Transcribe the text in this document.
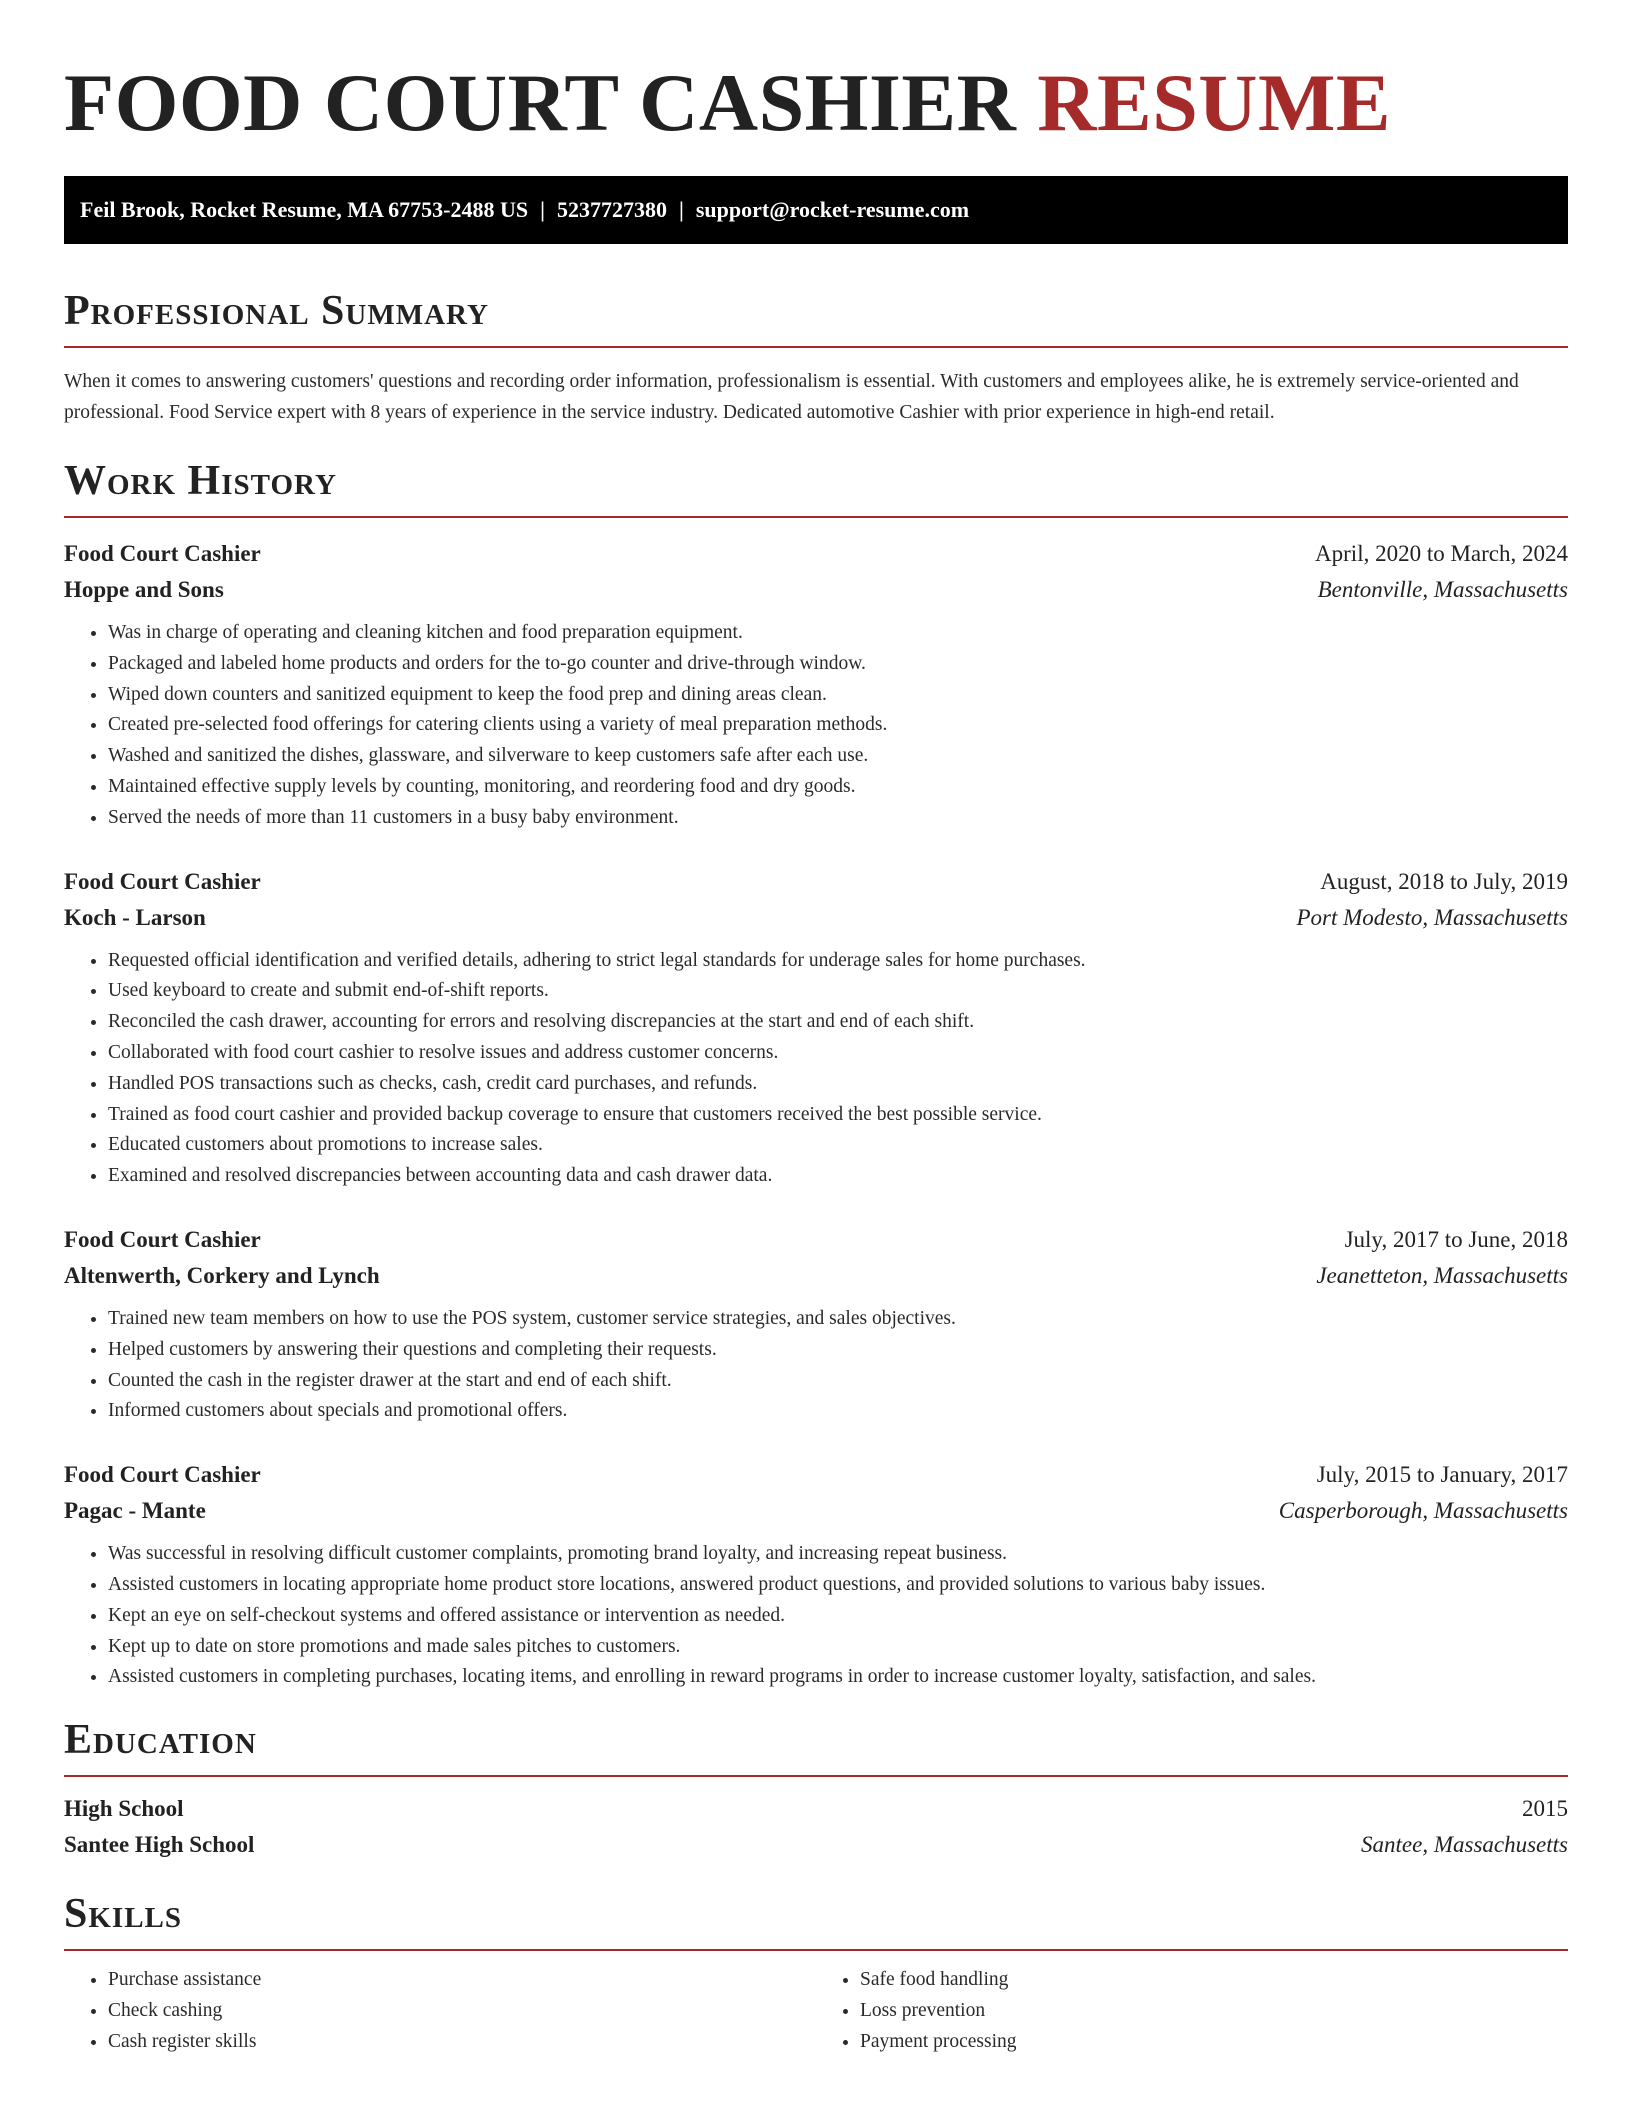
FOOD COURT CASHIER RESUME
Feil Brook, Rocket Resume, MA 67753-2488 US | 5237727380 | support@rocket-resume.com
Professional Summary

When it comes to answering customers' questions and recording order information, professionalism is essential. With customers and employees alike, he is extremely service-oriented and professional. Food Service expert with 8 years of experience in the service industry. Dedicated automotive Cashier with prior experience in high-end retail.

Work History
Food Court Cashier	April, 2020 to March, 2024
Hoppe and Sons	Bentonville, Massachusetts
• Was in charge of operating and cleaning kitchen and food preparation equipment.
• Packaged and labeled home products and orders for the to-go counter and drive-through window.
• Wiped down counters and sanitized equipment to keep the food prep and dining areas clean.
• Created pre-selected food offerings for catering clients using a variety of meal preparation methods.
• Washed and sanitized the dishes, glassware, and silverware to keep customers safe after each use.
• Maintained effective supply levels by counting, monitoring, and reordering food and dry goods.
• Served the needs of more than 11 customers in a busy baby environment.
Food Court Cashier	August, 2018 to July, 2019
Koch - Larson	Port Modesto, Massachusetts
• Requested official identification and verified details, adhering to strict legal standards for underage sales for home purchases.
• Used keyboard to create and submit end-of-shift reports.
• Reconciled the cash drawer, accounting for errors and resolving discrepancies at the start and end of each shift.
• Collaborated with food court cashier to resolve issues and address customer concerns.
• Handled POS transactions such as checks, cash, credit card purchases, and refunds.
• Trained as food court cashier and provided backup coverage to ensure that customers received the best possible service.
• Educated customers about promotions to increase sales.
• Examined and resolved discrepancies between accounting data and cash drawer data.
Food Court Cashier	July, 2017 to June, 2018
Altenwerth, Corkery and Lynch	Jeanetteton, Massachusetts
• Trained new team members on how to use the POS system, customer service strategies, and sales objectives.
• Helped customers by answering their questions and completing their requests.
• Counted the cash in the register drawer at the start and end of each shift.
• Informed customers about specials and promotional offers.
Food Court Cashier	July, 2015 to January, 2017
Pagac - Mante	Casperborough, Massachusetts
• Was successful in resolving difficult customer complaints, promoting brand loyalty, and increasing repeat business.
• Assisted customers in locating appropriate home product store locations, answered product questions, and provided solutions to various baby issues.
• Kept an eye on self-checkout systems and offered assistance or intervention as needed.
• Kept up to date on store promotions and made sales pitches to customers.
• Assisted customers in completing purchases, locating items, and enrolling in reward programs in order to increase customer loyalty, satisfaction, and sales.
Education
High School	2015
Santee High School	Santee, Massachusetts
Skills
• Purchase assistance
• Check cashing
• Cash register skills
• Safe food handling
• Loss prevention
• Payment processing
